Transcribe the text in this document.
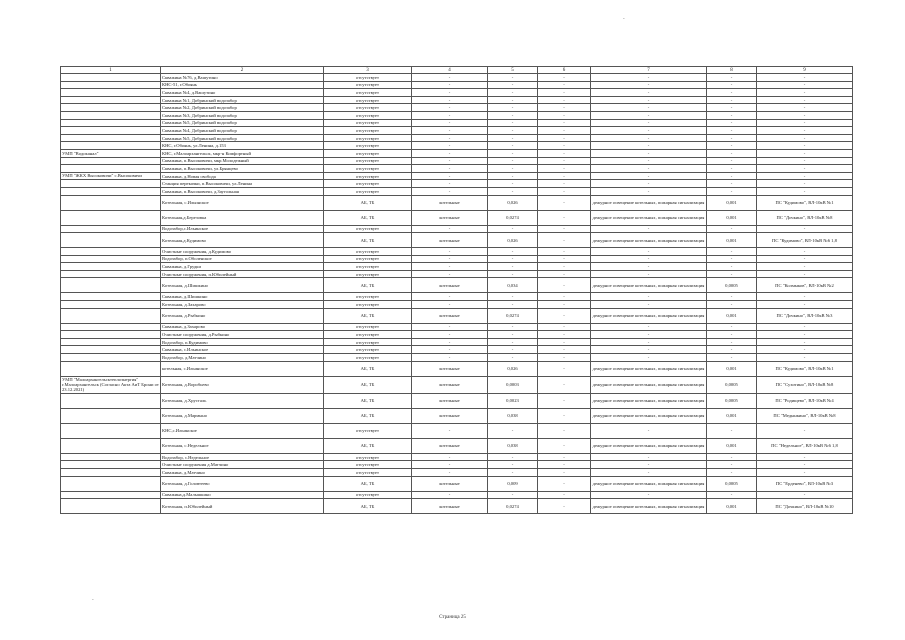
-
-
1	2	3	4	5	6	7	8	9
	Скважина №76, д.Вашутино	отсутствует	-	-	-	-	-	-
	КНС-51, г.Обоянь	отсутствует	-	-	-	-	-	-
	Скважина №4, д.Вашутино	отсутствует	-	-	-	-	-	-
	Скважина №1, Добринский водозабор	отсутствует	-	-	-	-	-	-
	Скважина №2, Добринский водозабор	отсутствует	-	-	-	-	-	-
	Скважина №3, Добринский водозабор	отсутствует	-	-	-	-	-	-
	Скважина №5, Добринский водозабор	отсутствует	-	-	-	-	-	-
	Скважина №4, Добринский водозабор	отсутствует	-	-	-	-	-	-
	Скважина №5, Добринский водозабор	отсутствует	-	-	-	-	-	-
	КНС, г.Обоянь, ул.Ленина, д.153	отсутствует	-	-	-	-	-	-
УМП "Водоканал"	КНС, г.Малоархангельск, мкр-н Комфортный	отсутствует	-	-	-	-	-	-
	Скважина, п.Высоковичи, мкр.Молодежный	отсутствует	-	-	-	-	-	-
	Скважина, п.Высоковичи, ул.Брянцево	отсутствует	-	-	-	-	-	-
УМП "ЖКХ Высоковичи" с.Высоковичи	Скважина, д.Новая свобода	отсутствует	-	-	-	-	-	-
	Станция перекачки, п.Высоковичи, ул.Ленина	отсутствует	-	-	-	-	-	-
	Скважина, п.Высоковичи, д.Заугольная	отсутствует	-	-	-	-	-	-
	Котельная, с.Ильинское	АБ, ТБ	котельные	0,026	-	дежурное освещение котельных, пожарная сигнализация	0,001	ПС "Кудимово", ВЛ-10кВ №1
	Котельная,д.Березовка	АБ, ТБ	котельные	0,0274	-	дежурное освещение котельных, пожарная сигнализация	0,001	ПС "Дочкино", ВЛ-10кВ №8
	Водозабор,с.Ильинское	отсутствует	-	-	-	-	-	-
	Котельная,д.Кудимово	АБ, ТБ	котельные	0,026	-	дежурное освещение котельных, пожарная сигнализация	0,001	ПС "Кудимово", ВЛ-10кВ №6 1,8
	Очистные сооружения, д.Кудимово	отсутствует	-	-	-	-	-	-
	Водозабор, п.Оболенское	отсутствует	-	-	-	-	-	-
	Скважина, д.Грудки	отсутствует	-	-	-	-	-	-
	Очистные сооружения, п.Юбилейный	отсутствует	-	-	-	-	-	-
	Котельная, д.Шишкино	АБ, ТБ	котельные	0,034	-	дежурное освещение котельных, пожарная сигнализация	0,0005	ПС "Колмыков", ВЛ-10кВ №2
	Скважина, д.Шишкино	отсутствует	-	-	-	-	-	-
	Котельная, д.Захарово	отсутствует	-	-	-	-	-	-
	Котельная, д.Рыбкино	АБ, ТБ	котельные	0,0274	-	дежурное освещение котельных, пожарная сигнализация	0,001	ПС "Дочкино", ВЛ-10кВ №3
	Скважина, д.Захарово	отсутствует	-	-	-	-	-	-
	Очистные сооружения, д.Рыбкино	отсутствует	-	-	-	-	-	-
	Водозабор, п.Кудимово	отсутствует	-	-	-	-	-	-
	Скважина, с.Ильинское	отсутствует	-	-	-	-	-	-
	Водозабор, д.Матчино	отсутствует	-	-	-	-	-	-
	котельная, с.Ильинское	АБ, ТБ	котельные	0,026	-	дежурное освещение котельных, пожарная сигнализация	0,001	ПС "Кудимово", ВЛ-10кВ №1
УМП "Малоархангельсктеплоэнергия" г.Малоархангельск (Согласно Акта АиТ Брони от 23.12.2021)	Котельная, д.Воробьево	АБ, ТБ	котельные	0,0003	-	дежурное освещение котельных, пожарная сигнализация	0,0005	ПС "Сухотино", ВЛ-10кВ №8
	Котельная, д.Хрусталь	АБ, ТБ	котельные	0,0023	-	дежурное освещение котельных, пожарная сигнализация	0,0005	ПС "Родищево", ВЛ-10кВ №4
	Котельная, д.Мармыно	АБ, ТБ	котельные	0,038	-	дежурное освещение котельных, пожарная сигнализация	0,001	ПС "Медынкино", ВЛ-10кВ №8
	КНС,с.Ильинское	отсутствует	-	-	-	-	-	-
	Котельная, с.Недельное	АБ, ТБ	котельные	0,038	-	дежурное освещение котельных, пожарная сигнализация	0,001	ПС "Недельное", ВЛ-10кВ №6 1,8
	Водозабор, с.Недельное	отсутствует	-	-	-	-	-	-
	Очистные сооружения д.Матчино	отсутствует	-	-	-	-	-	-
	Скважина, д.Матчино	отсутствует	-	-	-	-	-	-
	Котельная, д.Головтеево	АБ, ТБ	котельные	0,009	-	дежурное освещение котельных, пожарная сигнализация	0,0005	ПС "Ерденево", ВЛ-10кВ №3
	Скважина,д.Малышкино	отсутствует	-	-	-	-	-	-
	Котельная, п.Юбилейный	АБ, ТБ	котельные	0,0274	-	дежурное освещение котельных, пожарная сигнализация	0,001	ПС "Дочкино", ВЛ-10кВ №10
Страница 25
